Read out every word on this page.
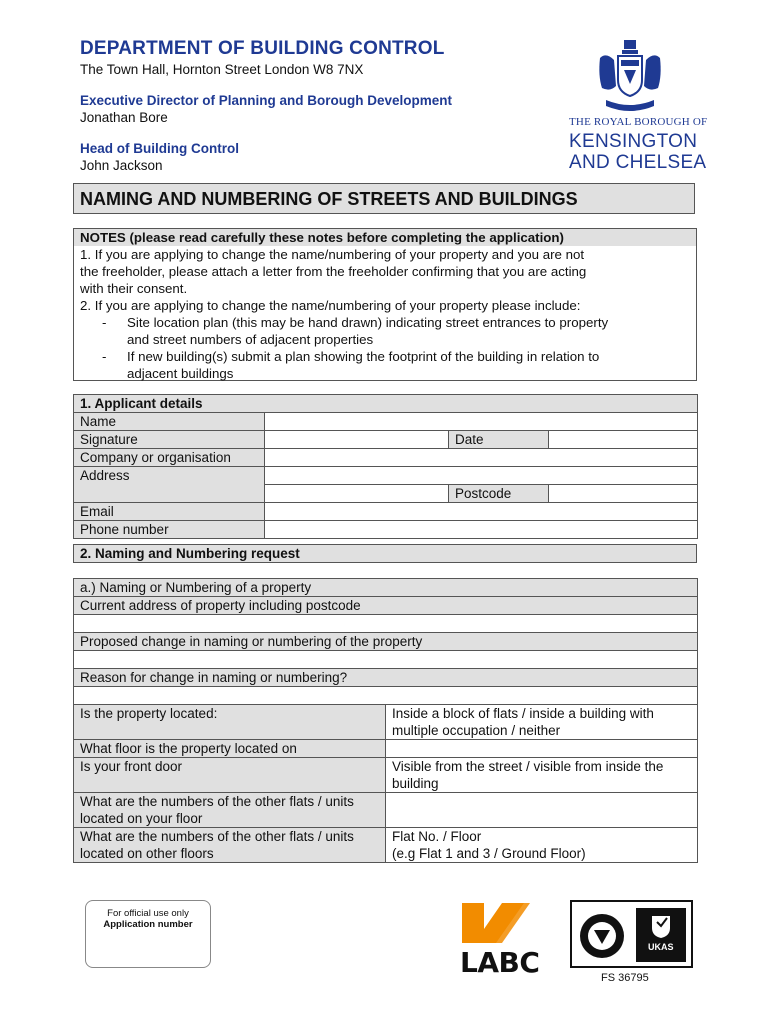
DEPARTMENT OF BUILDING CONTROL
The Town Hall, Hornton Street London W8 7NX
Executive Director of Planning and Borough Development
Jonathan Bore
Head of Building Control
John Jackson
THE ROYAL BOROUGH OF
KENSINGTON
AND CHELSEA
NAMING AND NUMBERING OF STREETS AND BUILDINGS
NOTES (please read carefully these notes before completing the application)
1. If you are applying to change the name/numbering of your property and you are not
the freeholder, please attach a letter from the freeholder confirming that you are acting
with their consent.
2. If you are applying to change the name/numbering of your property please include:
- Site location plan (this may be hand drawn) indicating street entrances to property
and street numbers of adjacent properties
- If new building(s) submit a plan showing the footprint of the building in relation to
adjacent buildings
1. Applicant details			
Name			
Signature		Date	
Company or organisation			
Address			
		Postcode	
Email			
Phone number			
2. Naming and Numbering request
a.) Naming or Numbering of a property	
Current address of property including postcode	

Proposed change in naming or numbering of the property	

Reason for change in naming or numbering?	

Is the property located:	Inside a block of flats / inside a building with multiple occupation / neither
What floor is the property located on	
Is your front door	Visible from the street / visible from inside the building
What are the numbers of the other flats / units located on your floor	
What are the numbers of the other flats / units located on other floors	Flat No. / Floor
(e.g Flat 1 and 3 / Ground Floor)
For official use only
Application number
LABC
BSI
UKAS
FS 36795
